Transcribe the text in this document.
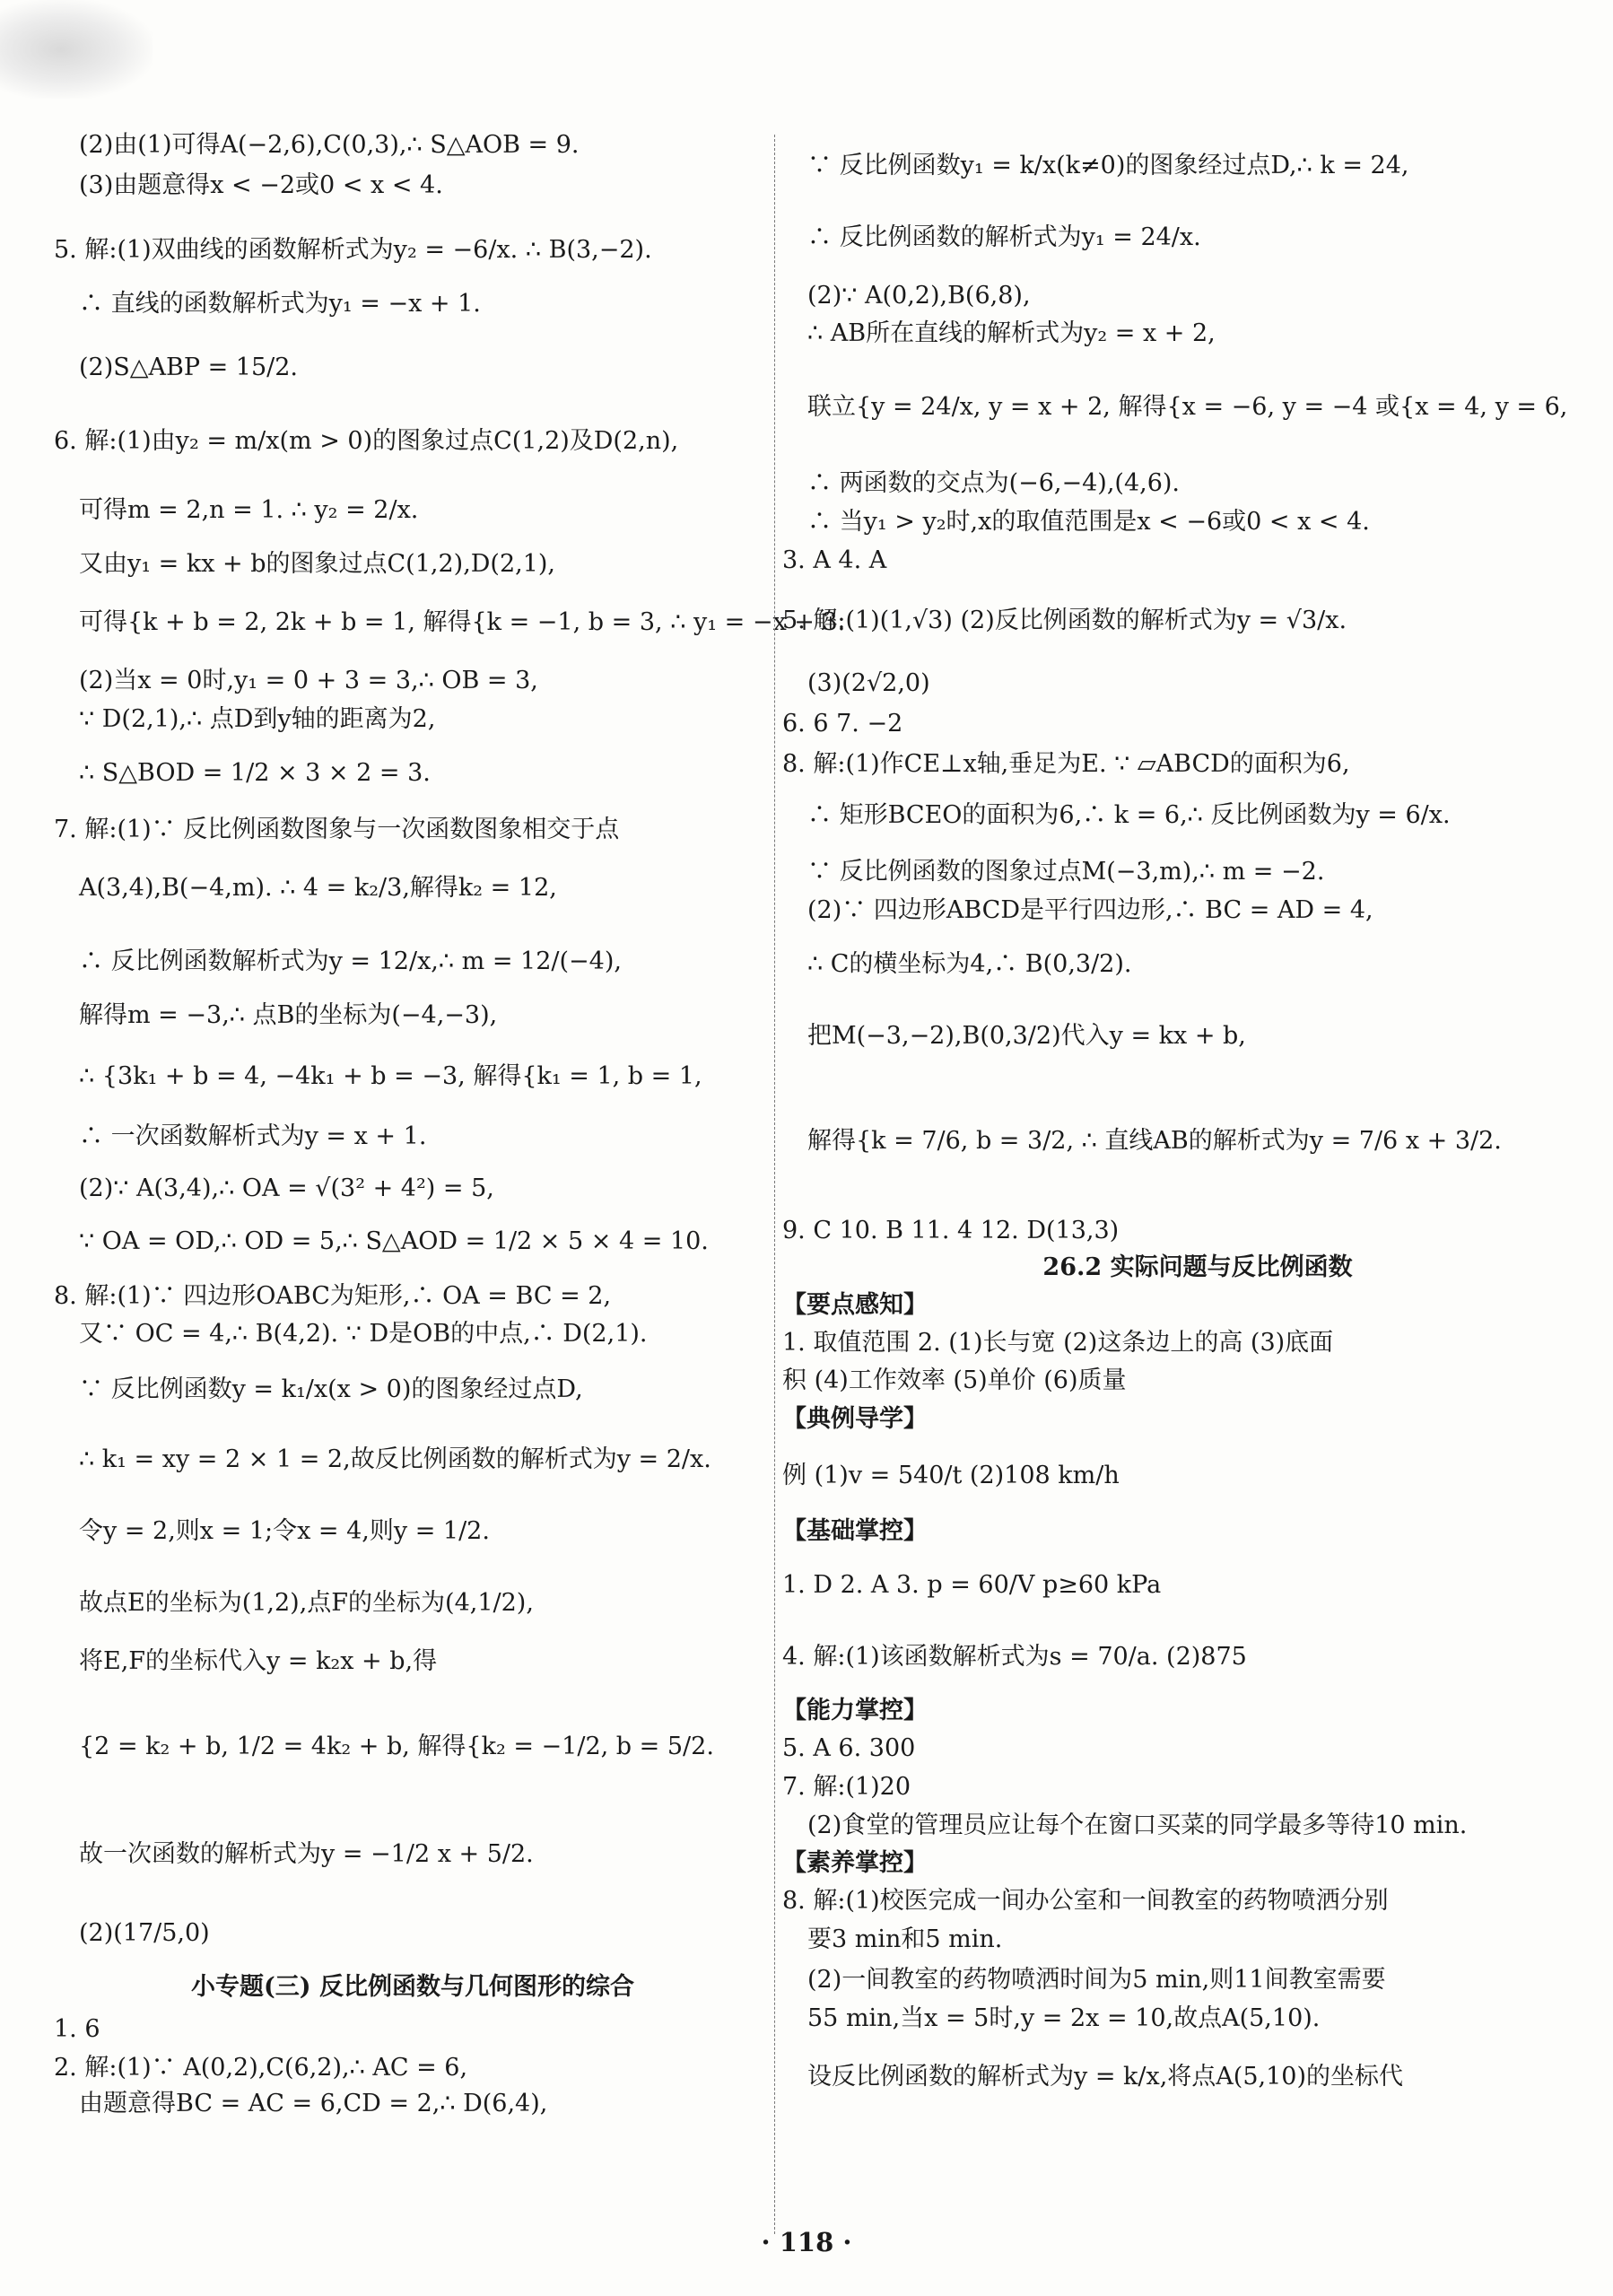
(2)由(1)可得A(−2,6),C(0,3),∴ S△AOB = 9.
(3)由题意得x < −2或0 < x < 4.
5. 解:(1)双曲线的函数解析式为y₂ = −6/x. ∴ B(3,−2).
∴ 直线的函数解析式为y₁ = −x + 1.
(2)S△ABP = 15/2.
6. 解:(1)由y₂ = m/x(m > 0)的图象过点C(1,2)及D(2,n),
可得m = 2,n = 1. ∴ y₂ = 2/x.
又由y₁ = kx + b的图象过点C(1,2),D(2,1),
可得{k + b = 2, 2k + b = 1, 解得{k = −1, b = 3, ∴ y₁ = −x + 3.
(2)当x = 0时,y₁ = 0 + 3 = 3,∴ OB = 3,
∵ D(2,1),∴ 点D到y轴的距离为2,
∴ S△BOD = 1/2 × 3 × 2 = 3.
7. 解:(1)∵ 反比例函数图象与一次函数图象相交于点
A(3,4),B(−4,m). ∴ 4 = k₂/3,解得k₂ = 12,
∴ 反比例函数解析式为y = 12/x,∴ m = 12/(−4),
解得m = −3,∴ 点B的坐标为(−4,−3),
∴ {3k₁ + b = 4, −4k₁ + b = −3, 解得{k₁ = 1, b = 1,
∴ 一次函数解析式为y = x + 1.
(2)∵ A(3,4),∴ OA = √(3² + 4²) = 5,
∵ OA = OD,∴ OD = 5,∴ S△AOD = 1/2 × 5 × 4 = 10.
8. 解:(1)∵ 四边形OABC为矩形,∴ OA = BC = 2,
又∵ OC = 4,∴ B(4,2). ∵ D是OB的中点,∴ D(2,1).
∵ 反比例函数y = k₁/x(x > 0)的图象经过点D,
∴ k₁ = xy = 2 × 1 = 2,故反比例函数的解析式为y = 2/x.
令y = 2,则x = 1;令x = 4,则y = 1/2.
故点E的坐标为(1,2),点F的坐标为(4,1/2),
将E,F的坐标代入y = k₂x + b,得
{2 = k₂ + b, 1/2 = 4k₂ + b, 解得{k₂ = −1/2, b = 5/2.
故一次函数的解析式为y = −1/2 x + 5/2.
(2)(17/5,0)
小专题(三) 反比例函数与几何图形的综合
1. 6
2. 解:(1)∵ A(0,2),C(6,2),∴ AC = 6,
由题意得BC = AC = 6,CD = 2,∴ D(6,4),
∵ 反比例函数y₁ = k/x(k≠0)的图象经过点D,∴ k = 24,
∴ 反比例函数的解析式为y₁ = 24/x.
(2)∵ A(0,2),B(6,8),
∴ AB所在直线的解析式为y₂ = x + 2,
联立{y = 24/x, y = x + 2, 解得{x = −6, y = −4 或{x = 4, y = 6,
∴ 两函数的交点为(−6,−4),(4,6).
∴ 当y₁ > y₂时,x的取值范围是x < −6或0 < x < 4.
3. A 4. A
5. 解:(1)(1,√3) (2)反比例函数的解析式为y = √3/x.
(3)(2√2,0)
6. 6 7. −2
8. 解:(1)作CE⊥x轴,垂足为E. ∵ ▱ABCD的面积为6,
∴ 矩形BCEO的面积为6,∴ k = 6,∴ 反比例函数为y = 6/x.
∵ 反比例函数的图象过点M(−3,m),∴ m = −2.
(2)∵ 四边形ABCD是平行四边形,∴ BC = AD = 4,
∴ C的横坐标为4,∴ B(0,3/2).
把M(−3,−2),B(0,3/2)代入y = kx + b,
解得{k = 7/6, b = 3/2, ∴ 直线AB的解析式为y = 7/6 x + 3/2.
9. C 10. B 11. 4 12. D(13,3)
26.2 实际问题与反比例函数
【要点感知】
1. 取值范围 2. (1)长与宽 (2)这条边上的高 (3)底面
积 (4)工作效率 (5)单价 (6)质量
【典例导学】
例 (1)v = 540/t (2)108 km/h
【基础掌控】
1. D 2. A 3. p = 60/V p≥60 kPa
4. 解:(1)该函数解析式为s = 70/a. (2)875
【能力掌控】
5. A 6. 300
7. 解:(1)20
(2)食堂的管理员应让每个在窗口买菜的同学最多等待10 min.
【素养掌控】
8. 解:(1)校医完成一间办公室和一间教室的药物喷洒分别
要3 min和5 min.
(2)一间教室的药物喷洒时间为5 min,则11间教室需要
55 min,当x = 5时,y = 2x = 10,故点A(5,10).
设反比例函数的解析式为y = k/x,将点A(5,10)的坐标代
· 118 ·
